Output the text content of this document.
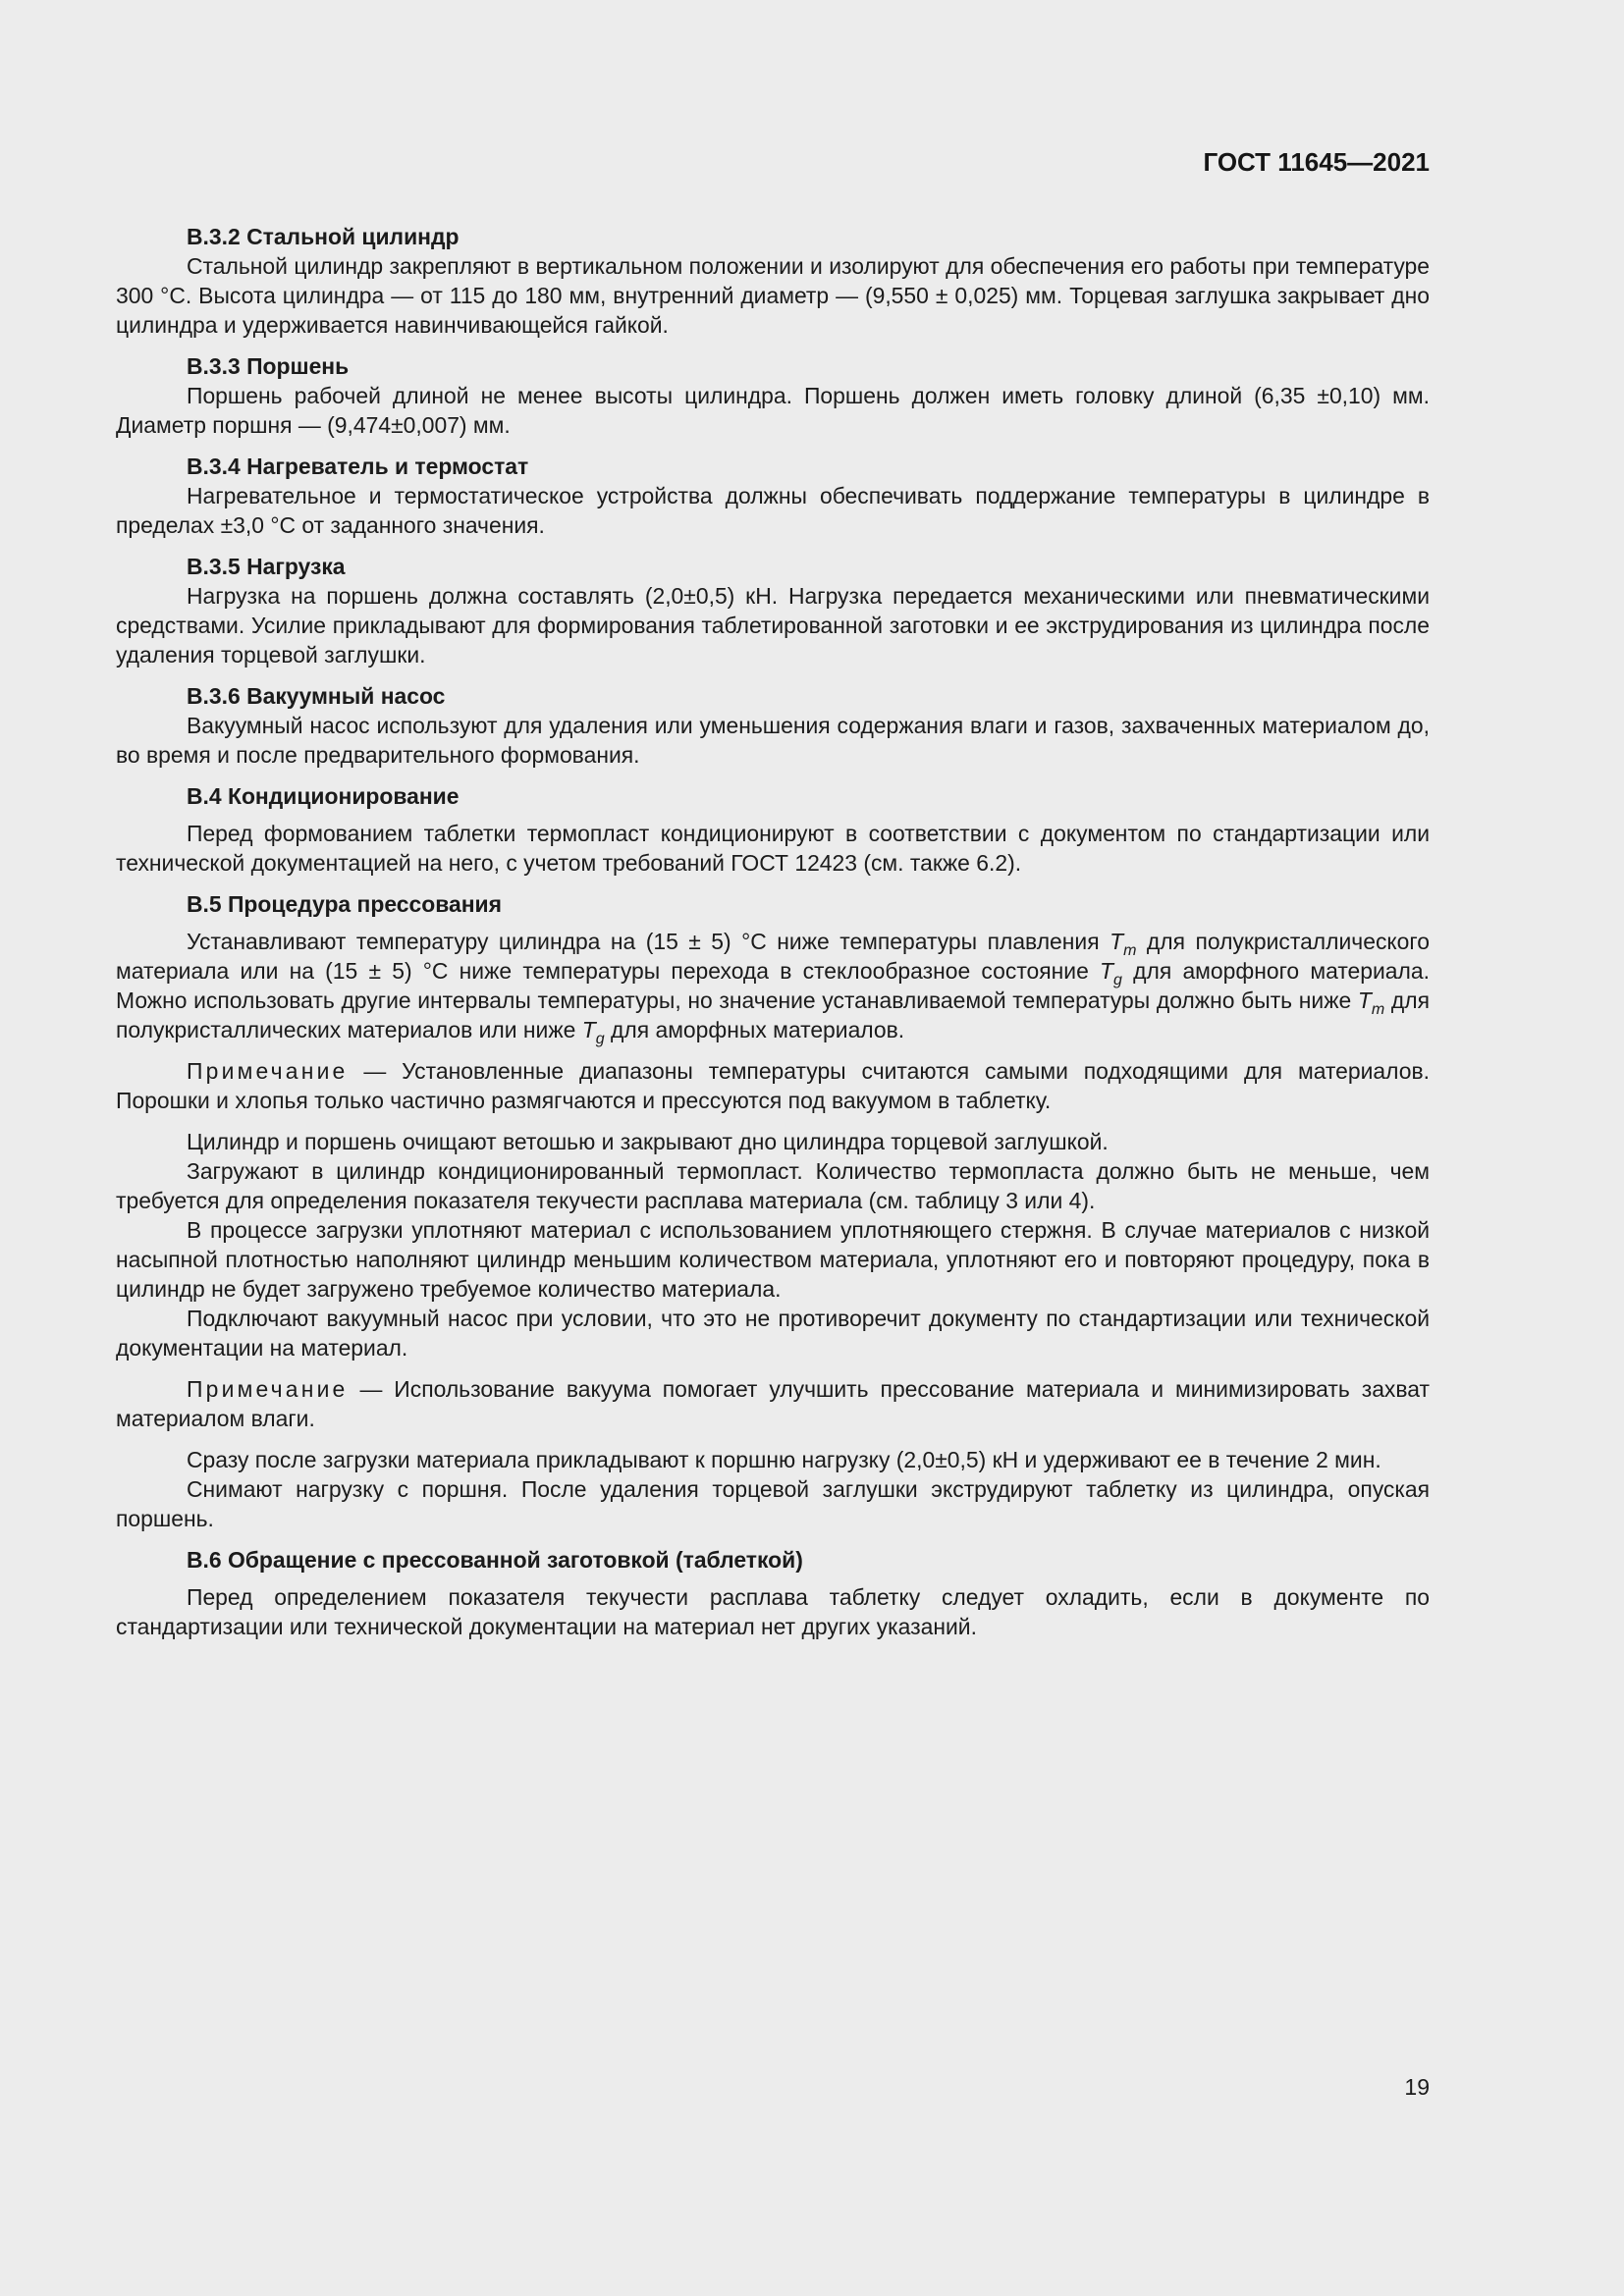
ГОСТ 11645—2021
B.3.2 Стальной цилиндр

Стальной цилиндр закрепляют в вертикальном положении и изолируют для обеспечения его работы при температуре 300 °С. Высота цилиндра — от 115 до 180 мм, внутренний диаметр — (9,550 ± 0,025) мм. Торцевая заглушка закрывает дно цилиндра и удерживается навинчивающейся гайкой.

B.3.3 Поршень

Поршень рабочей длиной не менее высоты цилиндра. Поршень должен иметь головку длиной (6,35 ±0,10) мм. Диаметр поршня — (9,474±0,007) мм.

B.3.4 Нагреватель и термостат

Нагревательное и термостатическое устройства должны обеспечивать поддержание температуры в цилиндре в пределах ±3,0 °С от заданного значения.

B.3.5 Нагрузка

Нагрузка на поршень должна составлять (2,0±0,5) кН. Нагрузка передается механическими или пневматическими средствами. Усилие прикладывают для формирования таблетированной заготовки и ее экструдирования из цилиндра после удаления торцевой заглушки.

B.3.6 Вакуумный насос

Вакуумный насос используют для удаления или уменьшения содержания влаги и газов, захваченных материалом до, во время и после предварительного формования.

B.4 Кондиционирование

Перед формованием таблетки термопласт кондиционируют в соответствии с документом по стандартизации или технической документацией на него, с учетом требований ГОСТ 12423 (см. также 6.2).

B.5 Процедура прессования

Устанавливают температуру цилиндра на (15 ± 5) °С ниже температуры плавления $T_m$ для полукристаллического материала или на (15 ± 5) °С ниже температуры перехода в стеклообразное состояние $T_g$ для аморфного материала. Можно использовать другие интервалы температуры, но значение устанавливаемой температуры должно быть ниже $T_m$ для полукристаллических материалов или ниже $T_g$ для аморфных материалов.

Примечание — Установленные диапазоны температуры считаются самыми подходящими для материалов. Порошки и хлопья только частично размягчаются и прессуются под вакуумом в таблетку.

Цилиндр и поршень очищают ветошью и закрывают дно цилиндра торцевой заглушкой.

Загружают в цилиндр кондиционированный термопласт. Количество термопласта должно быть не меньше, чем требуется для определения показателя текучести расплава материала (см. таблицу 3 или 4).

В процессе загрузки уплотняют материал с использованием уплотняющего стержня. В случае материалов с низкой насыпной плотностью наполняют цилиндр меньшим количеством материала, уплотняют его и повторяют процедуру, пока в цилиндр не будет загружено требуемое количество материала.

Подключают вакуумный насос при условии, что это не противоречит документу по стандартизации или технической документации на материал.

Примечание — Использование вакуума помогает улучшить прессование материала и минимизировать захват материалом влаги.

Сразу после загрузки материала прикладывают к поршню нагрузку (2,0±0,5) кН и удерживают ее в течение 2 мин.

Снимают нагрузку с поршня. После удаления торцевой заглушки экструдируют таблетку из цилиндра, опуская поршень.

B.6 Обращение с прессованной заготовкой (таблеткой)

Перед определением показателя текучести расплава таблетку следует охладить, если в документе по стандартизации или технической документации на материал нет других указаний.

19
